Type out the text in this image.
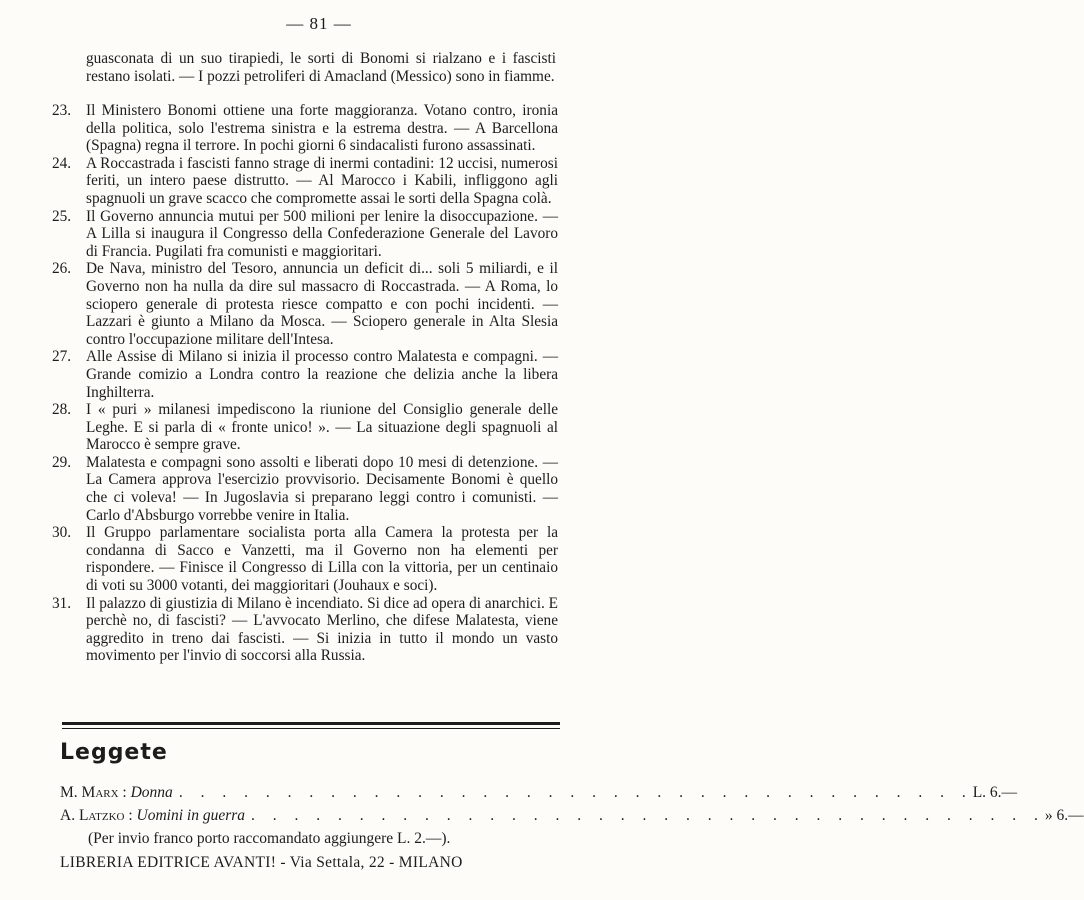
— 81 —
guasconata di un suo tirapiedi, le sorti di Bonomi si rialzano e i fascisti restano isolati. — I pozzi petroliferi di Amacland (Messico) sono in fiamme.
23. Il Ministero Bonomi ottiene una forte maggioranza. Votano contro, ironia della politica, solo l'estrema sinistra e la estrema destra. — A Barcellona (Spagna) regna il terrore. In pochi giorni 6 sindacalisti furono assassinati.
24. A Roccastrada i fascisti fanno strage di inermi contadini: 12 uccisi, numerosi feriti, un intero paese distrutto. — Al Marocco i Kabili, infliggono agli spagnuoli un grave scacco che compromette assai le sorti della Spagna colà.
25. Il Governo annuncia mutui per 500 milioni per lenire la disoccupazione. — A Lilla si inaugura il Congresso della Confederazione Generale del Lavoro di Francia. Pugilati fra comunisti e maggioritari.
26. De Nava, ministro del Tesoro, annuncia un deficit di... soli 5 miliardi, e il Governo non ha nulla da dire sul massacro di Roccastrada. — A Roma, lo sciopero generale di protesta riesce compatto e con pochi incidenti. — Lazzari è giunto a Milano da Mosca. — Sciopero generale in Alta Slesia contro l'occupazione militare dell'Intesa.
27. Alle Assise di Milano si inizia il processo contro Malatesta e compagni. — Grande comizio a Londra contro la reazione che delizia anche la libera Inghilterra.
28. I « puri » milanesi impediscono la riunione del Consiglio generale delle Leghe. E si parla di « fronte unico! ». — La situazione degli spagnuoli al Marocco è sempre grave.
29. Malatesta e compagni sono assolti e liberati dopo 10 mesi di detenzione. — La Camera approva l'esercizio provvisorio. Decisamente Bonomi è quello che ci voleva! — In Jugoslavia si preparano leggi contro i comunisti. — Carlo d'Absburgo vorrebbe venire in Italia.
30. Il Gruppo parlamentare socialista porta alla Camera la protesta per la condanna di Sacco e Vanzetti, ma il Governo non ha elementi per rispondere. — Finisce il Congresso di Lilla con la vittoria, per un centinaio di voti su 3000 votanti, dei maggioritari (Jouhaux e soci).
31. Il palazzo di giustizia di Milano è incendiato. Si dice ad opera di anarchici. E perchè no, di fascisti? — L'avvocato Merlino, che difese Malatesta, viene aggredito in treno dai fascisti. — Si inizia in tutto il mondo un vasto movimento per l'invio di soccorsi alla Russia.
Leggete
M. Marx : Donna . . . . . . . . . . . . . . . . . . . . . . . . . . . . . . . . . . . . . L. 6.—
A. Latzko : Uomini in guerra . . . . . . . . . . . . . . . . . . . . . . . . . . . . . . . . . . . . . » 6.—
(Per invio franco porto raccomandato aggiungere L. 2.—).
LIBRERIA EDITRICE AVANTI! - Via Settala, 22 - MILANO
